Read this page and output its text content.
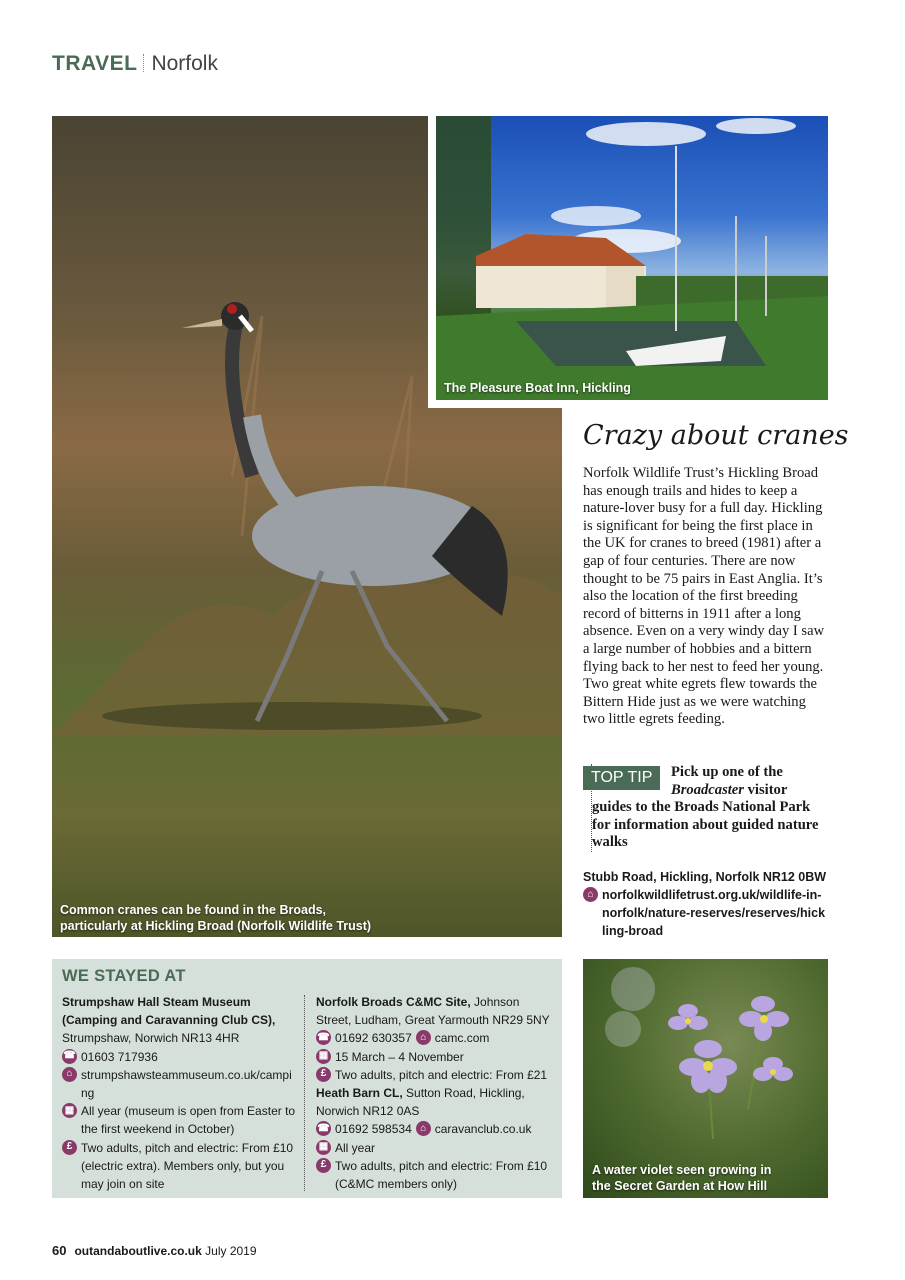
TRAVEL Norfolk
Common cranes can be found in the Broads,
particularly at Hickling Broad (Norfolk Wildlife Trust)
The Pleasure Boat Inn, Hickling
Crazy about cranes
Norfolk Wildlife Trust’s Hickling Broad has enough trails and hides to keep a nature-lover busy for a full day. Hickling is significant for being the first place in the UK for cranes to breed (1981) after a gap of four centuries. There are now thought to be 75 pairs in East Anglia. It’s also the location of the first breeding record of bitterns in 1911 after a long absence. Even on a very windy day I saw a large number of hobbies and a bittern flying back to her nest to feed her young. Two great white egrets flew towards the Bittern Hide just as we were watching two little egrets feeding.
Pick up one of the
Broadcaster visitor
guides to the Broads National Park for information about guided nature walks
TOP TIP
Stubb Road, Hickling, Norfolk NR12 0BW
⌂ norfolkwildlifetrust.org.uk/wildlife-in-norfolk/nature-reserves/reserves/hickling-broad
WE STAYED AT
Strumpshaw Hall Steam Museum (Camping and Caravanning Club CS),
Strumpshaw, Norwich NR13 4HR
☎ 01603 717936
⌂ strumpshawsteammuseum.co.uk/camping
▦ All year (museum is open from Easter to the first weekend in October)
£ Two adults, pitch and electric: From £10 (electric extra). Members only, but you may join on site
Norfolk Broads C&MC Site, Johnson Street, Ludham, Great Yarmouth NR29 5NY
☎ 01692 630357 ⌂ camc.com
▦ 15 March – 4 November
£ Two adults, pitch and electric: From £21
Heath Barn CL, Sutton Road, Hickling, Norwich NR12 0AS
☎ 01692 598534 ⌂ caravanclub.co.uk
▦ All year
£ Two adults, pitch and electric: From £10 (C&MC members only)
A water violet seen growing in
the Secret Garden at How Hill
60 outandaboutlive.co.uk July 2019
